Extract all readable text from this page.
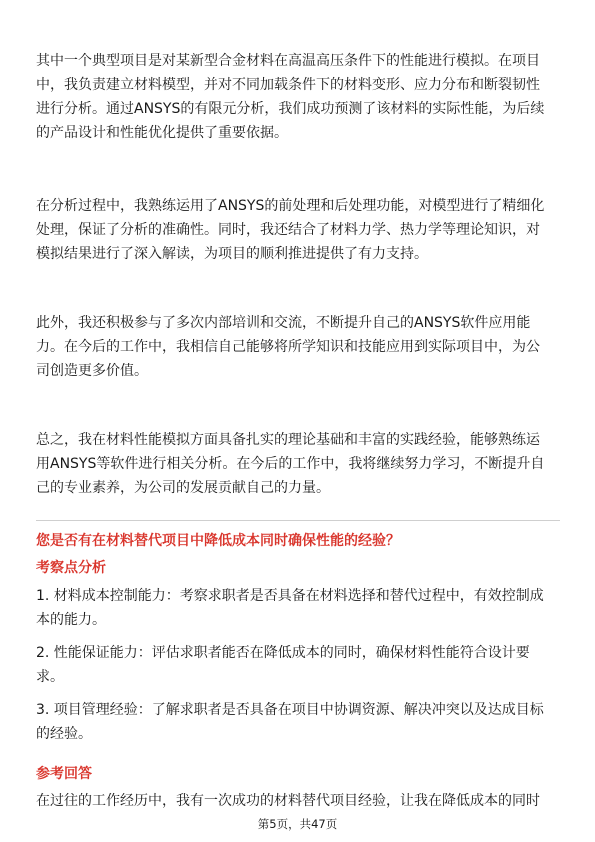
其中一个典型项目是对某新型合金材料在高温高压条件下的性能进行模拟。在项目
中，我负责建立材料模型，并对不同加载条件下的材料变形、应力分布和断裂韧性
进行分析。通过ANSYS的有限元分析，我们成功预测了该材料的实际性能，为后续
的产品设计和性能优化提供了重要依据。
在分析过程中，我熟练运用了ANSYS的前处理和后处理功能，对模型进行了精细化
处理，保证了分析的准确性。同时，我还结合了材料力学、热力学等理论知识，对
模拟结果进行了深入解读，为项目的顺利推进提供了有力支持。
此外，我还积极参与了多次内部培训和交流，不断提升自己的ANSYS软件应用能
力。在今后的工作中，我相信自己能够将所学知识和技能应用到实际项目中，为公
司创造更多价值。
总之，我在材料性能模拟方面具备扎实的理论基础和丰富的实践经验，能够熟练运
用ANSYS等软件进行相关分析。在今后的工作中，我将继续努力学习，不断提升自
己的专业素养，为公司的发展贡献自己的力量。

您是否有在材料替代项目中降低成本同时确保性能的经验？

考察点分析

1. 材料成本控制能力：考察求职者是否具备在材料选择和替代过程中，有效控制成
本的能力。
2. 性能保证能力：评估求职者能否在降低成本的同时，确保材料性能符合设计要
求。
3. 项目管理经验：了解求职者是否具备在项目中协调资源、解决冲突以及达成目标
的经验。

参考回答

在过往的工作经历中，我有一次成功的材料替代项目经验，让我在降低成本的同时
第5页，共47页
